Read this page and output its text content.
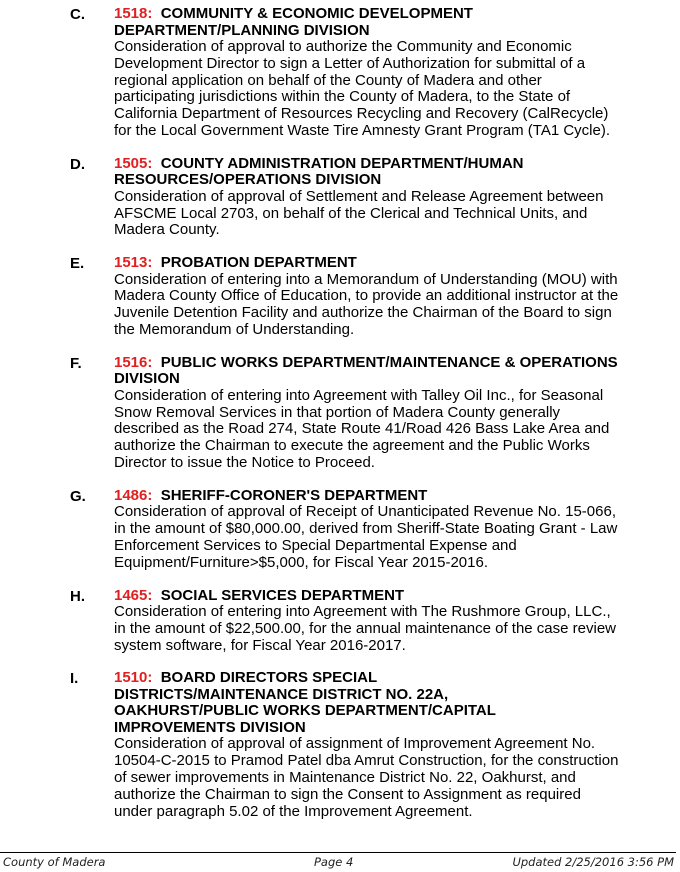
C. 1518: COMMUNITY & ECONOMIC DEVELOPMENT DEPARTMENT/PLANNING DIVISION
Consideration of approval to authorize the Community and Economic Development Director to sign a Letter of Authorization for submittal of a regional application on behalf of the County of Madera and other participating jurisdictions within the County of Madera, to the State of California Department of Resources Recycling and Recovery (CalRecycle) for the Local Government Waste Tire Amnesty Grant Program (TA1 Cycle).
D. 1505: COUNTY ADMINISTRATION DEPARTMENT/HUMAN RESOURCES/OPERATIONS DIVISION
Consideration of approval of Settlement and Release Agreement between AFSCME Local 2703, on behalf of the Clerical and Technical Units, and Madera County.
E. 1513: PROBATION DEPARTMENT
Consideration of entering into a Memorandum of Understanding (MOU) with Madera County Office of Education, to provide an additional instructor at the Juvenile Detention Facility and authorize the Chairman of the Board to sign the Memorandum of Understanding.
F. 1516: PUBLIC WORKS DEPARTMENT/MAINTENANCE & OPERATIONS DIVISION
Consideration of entering into Agreement with Talley Oil Inc., for Seasonal Snow Removal Services in that portion of Madera County generally described as the Road 274, State Route 41/Road 426 Bass Lake Area and authorize the Chairman to execute the agreement and the Public Works Director to issue the Notice to Proceed.
G. 1486: SHERIFF-CORONER'S DEPARTMENT
Consideration of approval of Receipt of Unanticipated Revenue No. 15-066, in the amount of $80,000.00, derived from Sheriff-State Boating Grant - Law Enforcement Services to Special Departmental Expense and Equipment/Furniture>$5,000, for Fiscal Year 2015-2016.
H. 1465: SOCIAL SERVICES DEPARTMENT
Consideration of entering into Agreement with The Rushmore Group, LLC., in the amount of $22,500.00, for the annual maintenance of the case review system software, for Fiscal Year 2016-2017.
I. 1510: BOARD DIRECTORS SPECIAL DISTRICTS/MAINTENANCE DISTRICT NO. 22A, OAKHURST/PUBLIC WORKS DEPARTMENT/CAPITAL IMPROVEMENTS DIVISION
Consideration of approval of assignment of Improvement Agreement No. 10504-C-2015 to Pramod Patel dba Amrut Construction, for the construction of sewer improvements in Maintenance District No. 22, Oakhurst, and authorize the Chairman to sign the Consent to Assignment as required under paragraph 5.02 of the Improvement Agreement.
County of Madera	Page 4	Updated 2/25/2016 3:56 PM
